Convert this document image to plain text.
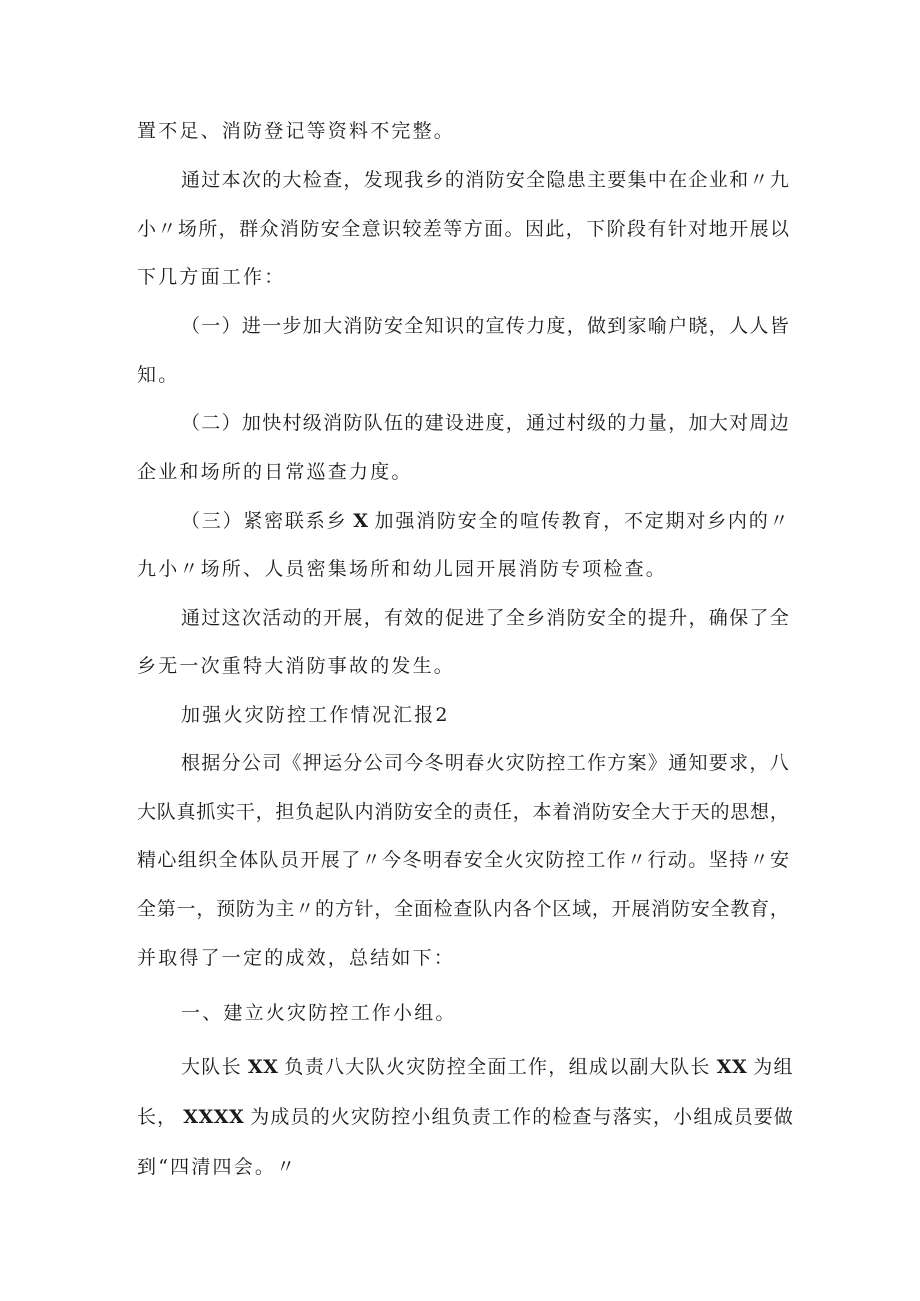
置不足、消防登记等资料不完整。
通过本次的大检查，发现我乡的消防安全隐患主要集中在企业和〃九
小〃场所，群众消防安全意识较差等方面。因此，下阶段有针对地开展以
下几方面工作：
（一）进一步加大消防安全知识的宣传力度，做到家喻户晓，人人皆
知。
（二）加快村级消防队伍的建设进度，通过村级的力量，加大对周边
企业和场所的日常巡查力度。
（三）紧密联系乡 X 加强消防安全的喧传教育，不定期对乡内的〃
九小〃场所、人员密集场所和幼儿园开展消防专项检查。
通过这次活动的开展，有效的促进了全乡消防安全的提升，确保了全
乡无一次重特大消防事故的发生。
加强火灾防控工作情况汇报2
根据分公司《押运分公司今冬明春火灾防控工作方案》通知要求，八
大队真抓实干，担负起队内消防安全的责任，本着消防安全大于天的思想，
精心组织全体队员开展了〃今冬明春安全火灾防控工作〃行动。坚持〃安
全第一，预防为主〃的方针，全面检查队内各个区域，开展消防安全教育，
并取得了一定的成效，总结如下：
一、建立火灾防控工作小组。
大队长 XX 负责八大队火灾防控全面工作，组成以副大队长 XX 为组
长， XXXX 为成员的火灾防控小组负责工作的检查与落实，小组成员要做
到“四清四会。〃
